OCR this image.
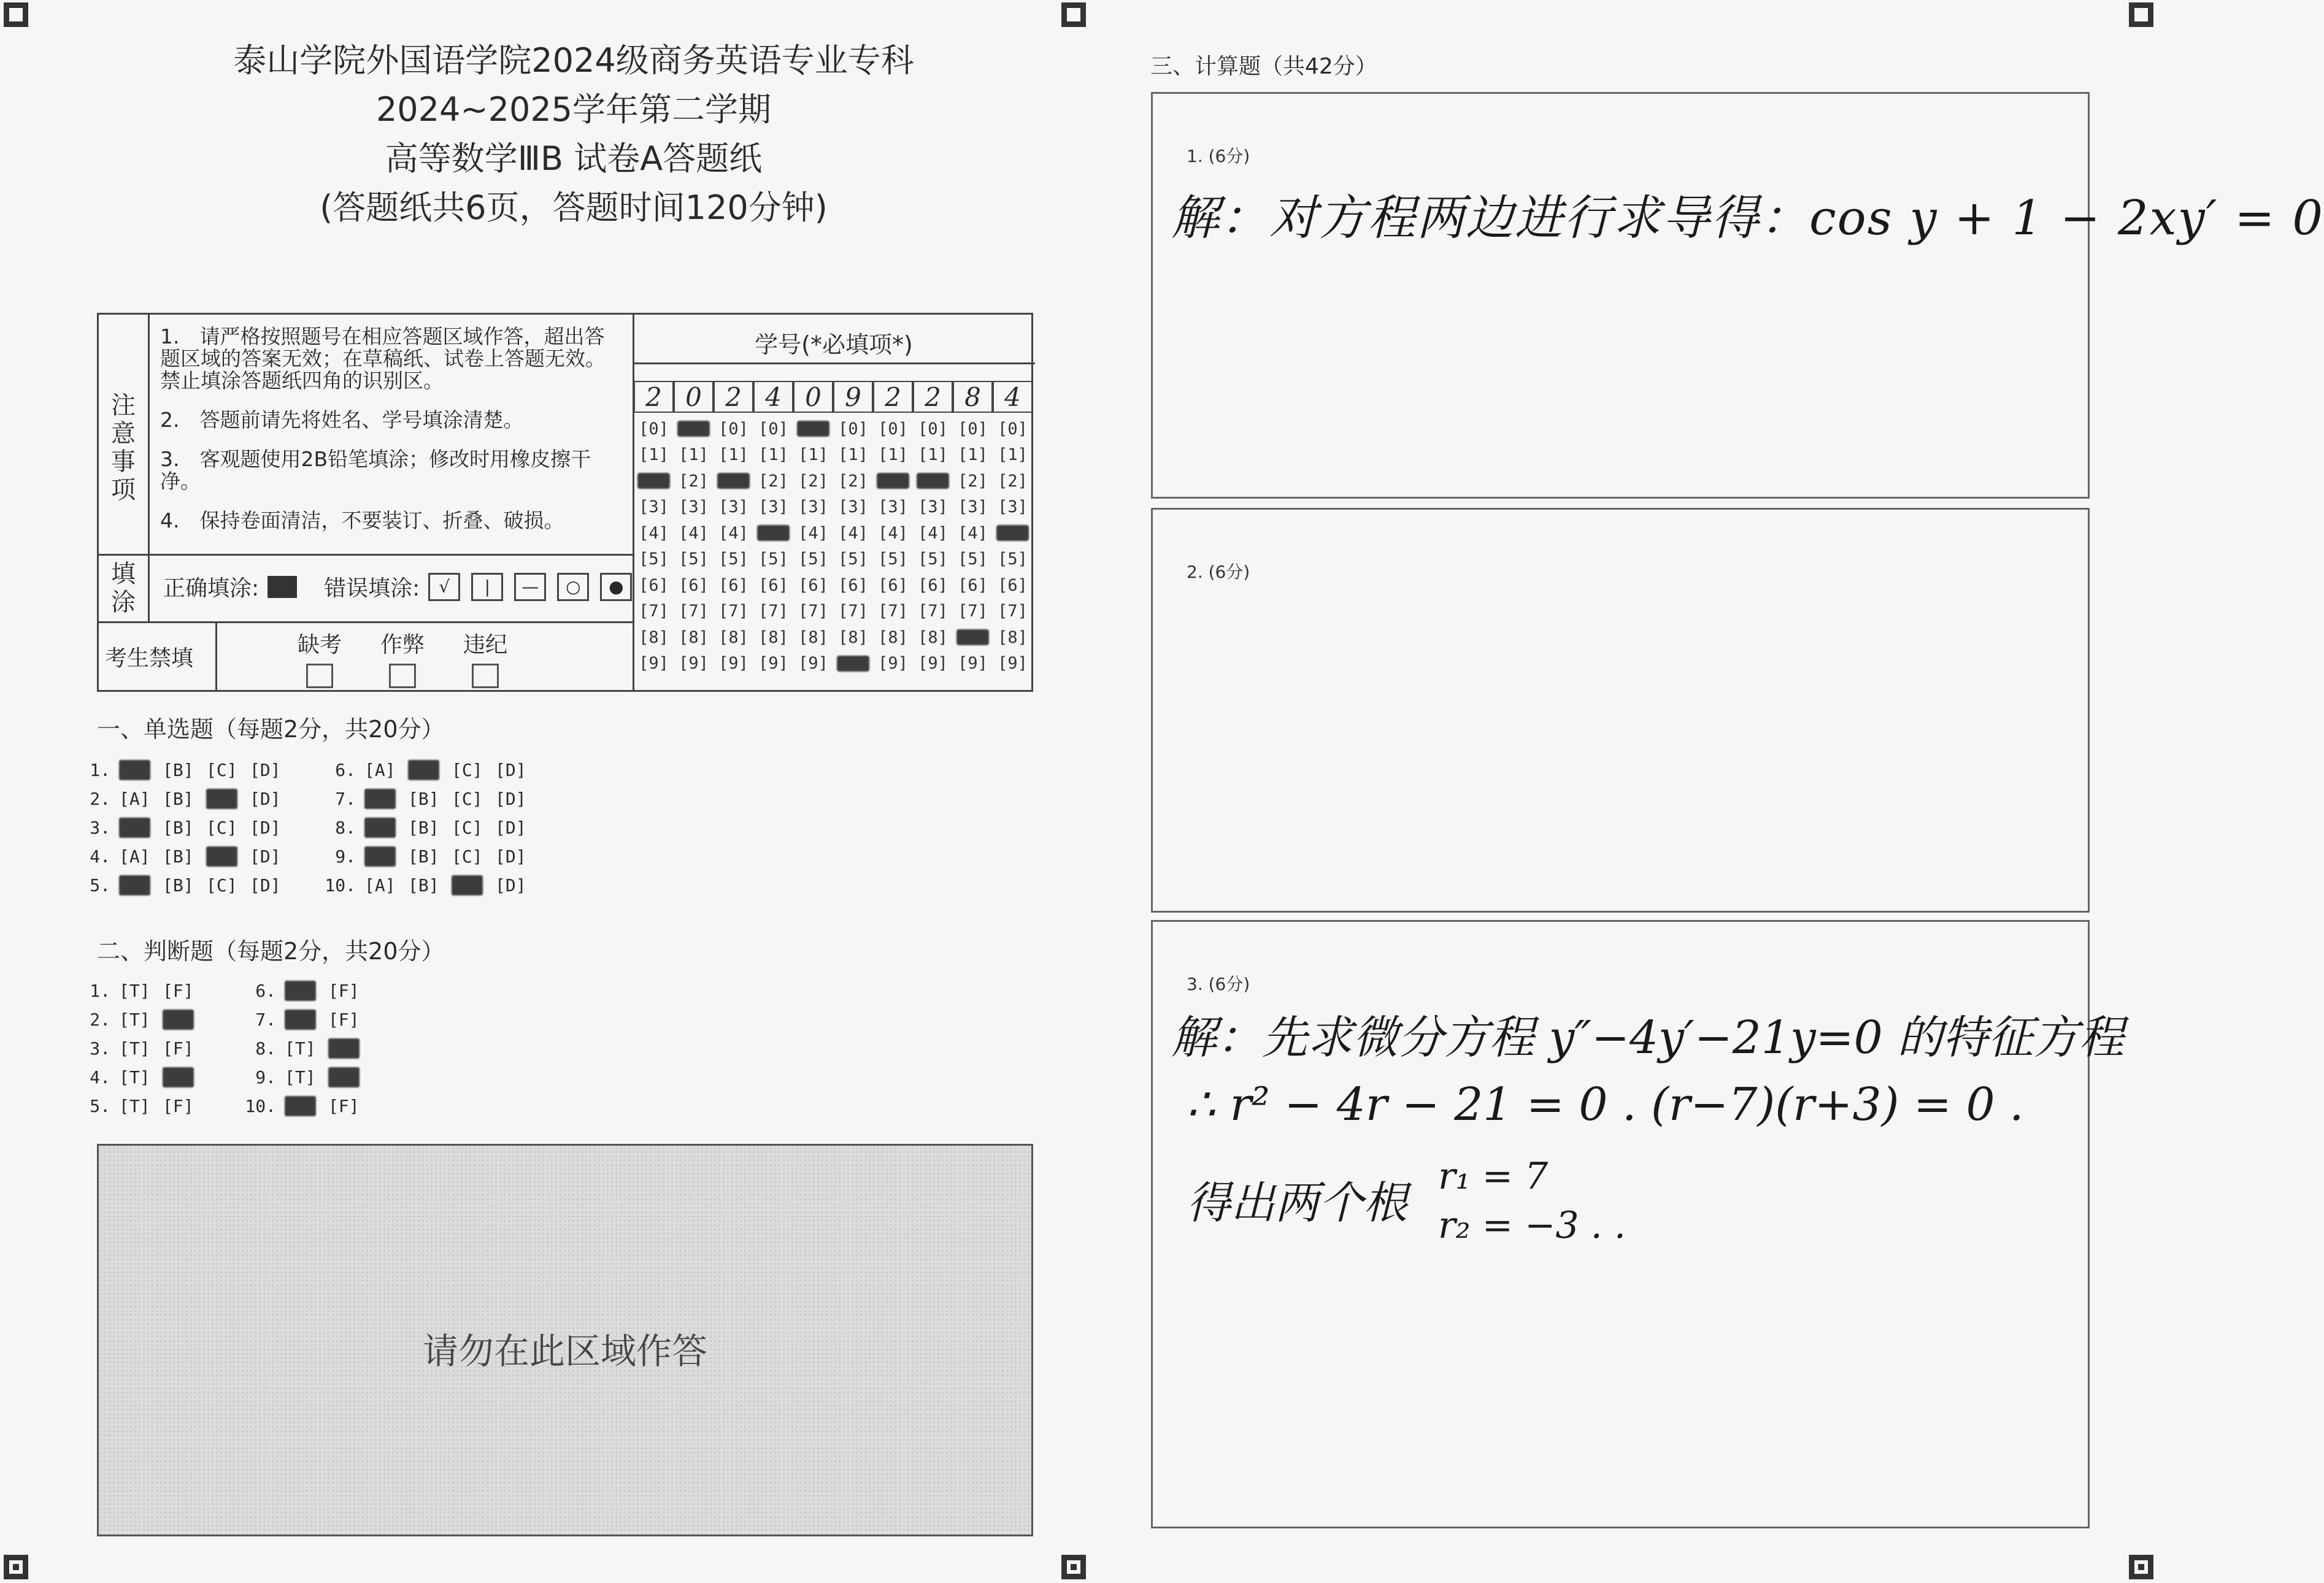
泰山学院外国语学院2024级商务英语专业专科
2024~2025学年第二学期
高等数学ⅢB 试卷A答题纸
(答题纸共6页，答题时间120分钟)
注意事项

1.　请严格按照题号在相应答题区域作答，超出答题区域的答案无效；在草稿纸、试卷上答题无效。禁止填涂答题纸四角的识别区。

2.　答题前请先将姓名、学号填涂清楚。

3.　客观题使用2B铅笔填涂；修改时用橡皮擦干净。

4.　保持卷面清洁，不要装订、折叠、破损。

填涂 正确填涂:	错误填涂:	√	|	—	○	●
考生禁填
缺考	作弊	违纪
学号(*必填项*)
2 0 2 4 0 9 2 2 8 4
[0] [0] [0] [0] [0] [0] [0] [0] [0] [0]
[1] [1] [1] [1] [1] [1] [1] [1] [1] [1]
[2] [2] [2] [2] [2] [2] [2] [2] [2] [2]
[3] [3] [3] [3] [3] [3] [3] [3] [3] [3]
[4] [4] [4] [4] [4] [4] [4] [4] [4] [4]
[5] [5] [5] [5] [5] [5] [5] [5] [5] [5]
[6] [6] [6] [6] [6] [6] [6] [6] [6] [6]
[7] [7] [7] [7] [7] [7] [7] [7] [7] [7]
[8] [8] [8] [8] [8] [8] [8] [8] [8] [8]
[9] [9] [9] [9] [9] [9] [9] [9] [9] [9]
一、单选题（每题2分，共20分）
1. [A] [B] [C] [D]
2. [A] [B] [C] [D]
3. [A] [B] [C] [D]
4. [A] [B] [C] [D]
5. [A] [B] [C] [D]
6. [A] [B] [C] [D]
7. [A] [B] [C] [D]
8. [A] [B] [C] [D]
9. [A] [B] [C] [D]
10. [A] [B] [C] [D]
二、判断题（每题2分，共20分）
1. [T] [F]
2. [T] [F]
3. [T] [F]
4. [T] [F]
5. [T] [F]
6. [T] [F]
7. [T] [F]
8. [T] [F]
9. [T] [F]
10. [T] [F]
请勿在此区域作答
三、计算题（共42分）
1. (6分)
解：对方程两边进行求导得：cos y + 1 − 2xy′ = 0
2. (6分)
3. (6分)
解：先求微分方程 y″−4y′−21y=0 的特征方程
∴ r² − 4r − 21 = 0 . (r−7)(r+3) = 0 .
得出两个根
r₁ = 7
r₂ = −3 . .
